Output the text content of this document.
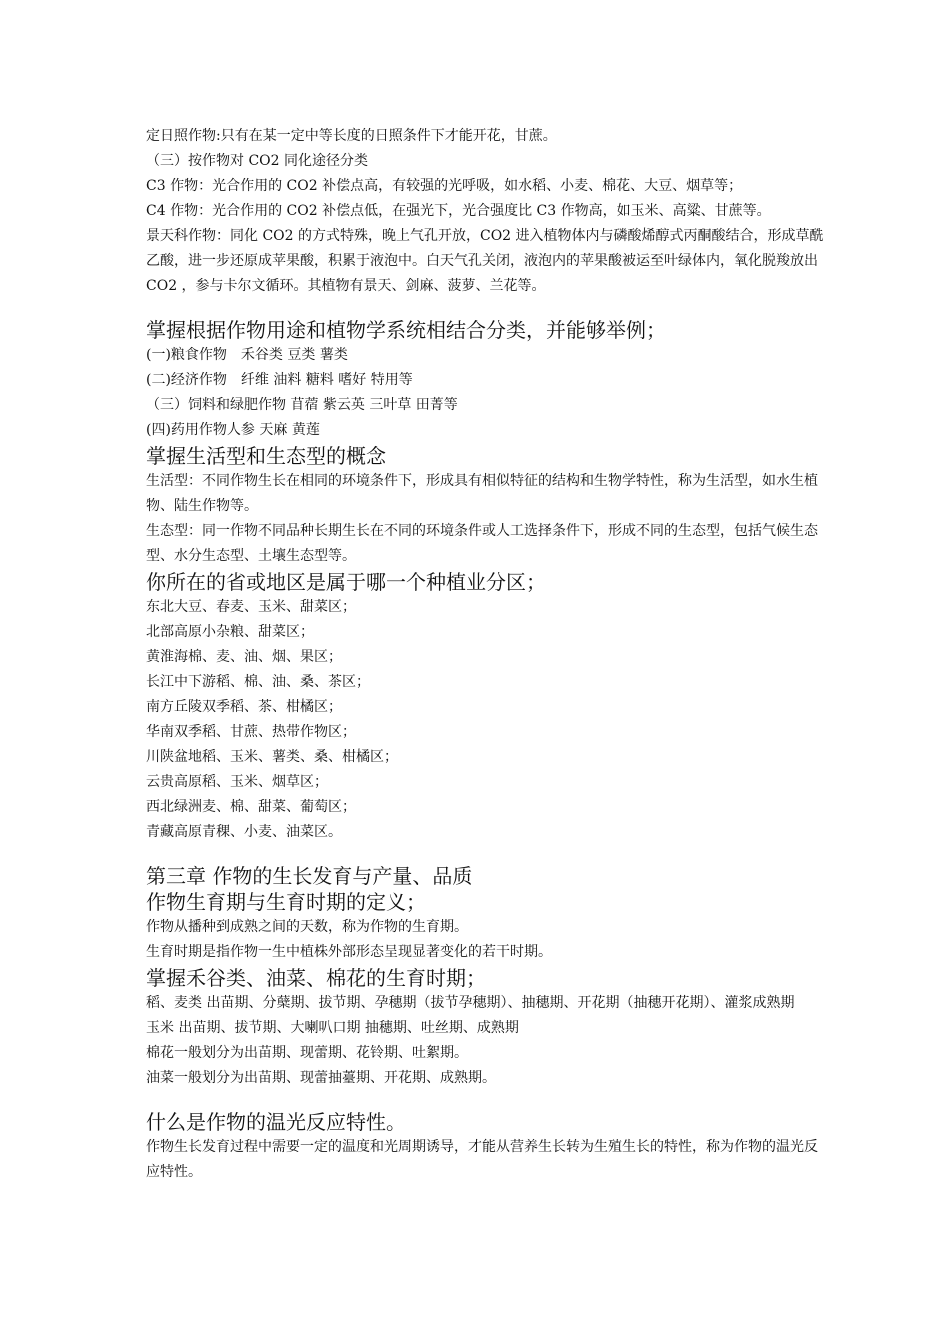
定日照作物:只有在某一定中等长度的日照条件下才能开花，甘蔗。

（三）按作物对 CO2 同化途径分类

C3 作物：光合作用的 CO2 补偿点高，有较强的光呼吸，如水稻、小麦、棉花、大豆、烟草等；

C4 作物：光合作用的 CO2 补偿点低，在强光下，光合强度比 C3 作物高，如玉米、高粱、甘蔗等。

景天科作物：同化 CO2 的方式特殊，晚上气孔开放，CO2 进入植物体内与磷酸烯醇式丙酮酸结合，形成草酰乙酸，进一步还原成苹果酸，积累于液泡中。白天气孔关闭，液泡内的苹果酸被运至叶绿体内，氧化脱羧放出 CO2 ，参与卡尔文循环。其植物有景天、剑麻、菠萝、兰花等。

掌握根据作物用途和植物学系统相结合分类，并能够举例；

(一)粮食作物　禾谷类 豆类 薯类

(二)经济作物　纤维 油料 糖料 嗜好 特用等

（三）饲料和绿肥作物 苜蓿 紫云英 三叶草 田菁等

(四)药用作物人参 天麻 黄莲

掌握生活型和生态型的概念

生活型：不同作物生长在相同的环境条件下，形成具有相似特征的结构和生物学特性，称为生活型，如水生植物、陆生作物等。

生态型：同一作物不同品种长期生长在不同的环境条件或人工选择条件下，形成不同的生态型，包括气候生态型、水分生态型、土壤生态型等。

你所在的省或地区是属于哪一个种植业分区；

东北大豆、春麦、玉米、甜菜区；

北部高原小杂粮、甜菜区；

黄淮海棉、麦、油、烟、果区；

长江中下游稻、棉、油、桑、茶区；

南方丘陵双季稻、茶、柑橘区；

华南双季稻、甘蔗、热带作物区；

川陕盆地稻、玉米、薯类、桑、柑橘区；

云贵高原稻、玉米、烟草区；

西北绿洲麦、棉、甜菜、葡萄区；

青藏高原青稞、小麦、油菜区。

第三章 作物的生长发育与产量、品质
作物生育期与生育时期的定义；

作物从播种到成熟之间的天数，称为作物的生育期。

生育时期是指作物一生中植株外部形态呈现显著变化的若干时期。

掌握禾谷类、油菜、棉花的生育时期；

稻、麦类 出苗期、分蘖期、拔节期、孕穗期（拔节孕穗期）、抽穗期、开花期（抽穗开花期）、灌浆成熟期

玉米 出苗期、拔节期、大喇叭口期 抽穗期、吐丝期、成熟期

棉花一般划分为出苗期、现蕾期、花铃期、吐絮期。

油菜一般划分为出苗期、现蕾抽薹期、开花期、成熟期。

什么是作物的温光反应特性。

作物生长发育过程中需要一定的温度和光周期诱导，才能从营养生长转为生殖生长的特性，称为作物的温光反应特性。
